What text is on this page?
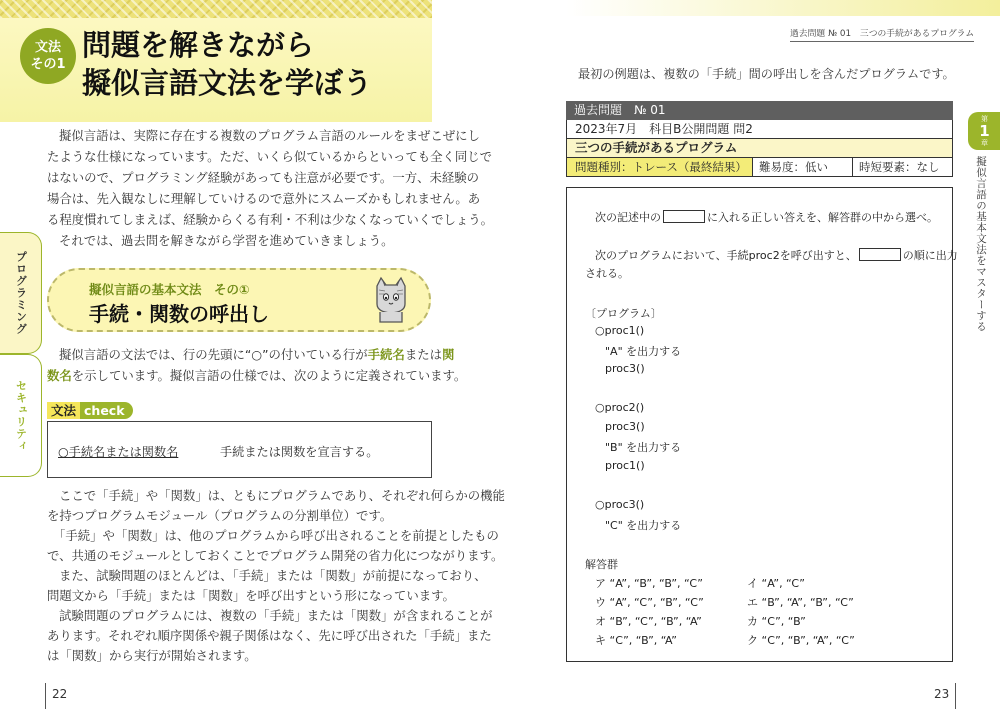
文法
その1
問題を解きながら
擬似言語文法を学ぼう

擬似言語は、実際に存在する複数のプログラム言語のルールをまぜこぜにし

たような仕様になっています。ただ、いくら似ているからといっても全く同じで

はないので、プログラミング経験があっても注意が必要です。一方、未経験の

場合は、先入観なしに理解していけるので意外にスムーズかもしれません。あ

る程度慣れてしまえば、経験からくる有利・不利は少なくなっていくでしょう。

それでは、過去問を解きながら学習を進めていきましょう。

プログラミング
セキュリティ
擬似言語の基本文法　その①
手続・関数の呼出し

擬似言語の文法では、行の先頭に“○”の付いている行が手続名または関

数名を示しています。擬似言語の仕様では、次のように定義されています。

文法 check
○手続名または関数名	手続または関数を宣言する。

ここで「手続」や「関数」は、ともにプログラムであり、それぞれ何らかの機能

を持つプログラムモジュール（プログラムの分割単位）です。

「手続」や「関数」は、他のプログラムから呼び出されることを前提としたもの

で、共通のモジュールとしておくことでプログラム開発の省力化につながります。

また、試験問題のほとんどは、「手続」または「関数」が前提になっており、

問題文から「手続」または「関数」を呼び出すという形になっています。

試験問題のプログラムには、複数の「手続」または「関数」が含まれることが

あります。それぞれ順序関係や親子関係はなく、先に呼び出された「手続」また

は「関数」から実行が開始されます。

22
過去問題 № 01　三つの手続があるプログラム
最初の例題は、複数の「手続」間の呼出しを含んだプログラムです。
過去問題　№ 01
2023年7月　科目B公開問題 問2
三つの手続があるプログラム
問題種別：トレース（最終結果）	難易度：低い	時短要素：なし
次の記述中の	に入れる正しい答えを、解答群の中から選べ。
次のプログラムにおいて、手続proc2を呼び出すと、	の順に出力
される。
〔プログラム〕
○proc1()
"A" を出力する
proc3()
○proc2()
proc3()
"B" を出力する
proc1()
○proc3()
"C" を出力する
解答群
ア “A”, “B”, “B”, “C”	イ “A”, “C”
ウ “A”, “C”, “B”, “C”	エ “B”, “A”, “B”, “C”
オ “B”, “C”, “B”, “A”	カ “C”, “B”
キ “C”, “B”, “A”	ク “C”, “B”, “A”, “C”
第
1
章
擬似言語の基本文法をマスターする
23
